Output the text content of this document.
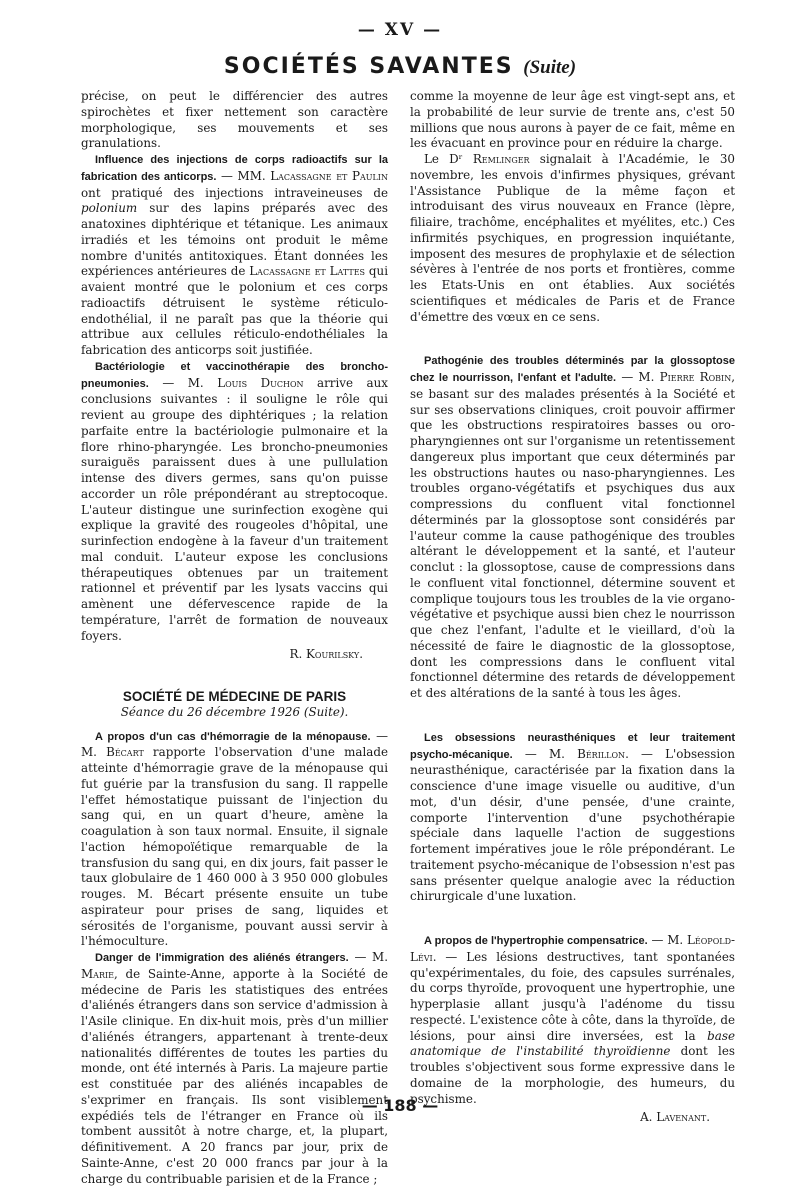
— XV —
SOCIÉTÉS SAVANTES (Suite)

précise, on peut le différencier des autres spirochètes et fixer nettement son caractère morphologique, ses mouvements et ses granulations.

Influence des injections de corps radioactifs sur la fabrication des anticorps. — MM. Lacassagne et Paulin ont pratiqué des injections intraveineuses de polonium sur des lapins préparés avec des anatoxines diphtérique et tétanique. Les animaux irradiés et les témoins ont produit le même nombre d'unités antitoxiques. Étant données les expériences antérieures de Lacassagne et Lattes qui avaient montré que le polonium et ces corps radioactifs détruisent le système réticulo-endothélial, il ne paraît pas que la théorie qui attribue aux cellules réticulo-endothéliales la fabrication des anticorps soit justifiée.

Bactériologie et vaccinothérapie des broncho-pneumonies. — M. Louis Duchon arrive aux conclusions suivantes : il souligne le rôle qui revient au groupe des diphtériques ; la relation parfaite entre la bactériologie pulmonaire et la flore rhino-pharyngée. Les broncho-pneumonies suraiguës paraissent dues à une pullulation intense des divers germes, sans qu'on puisse accorder un rôle prépondérant au streptocoque. L'auteur distingue une surinfection exogène qui explique la gravité des rougeoles d'hôpital, une surinfection endogène à la faveur d'un traitement mal conduit. L'auteur expose les conclusions thérapeutiques obtenues par un traitement rationnel et préventif par les lysats vaccins qui amènent une défervescence rapide de la température, l'arrêt de formation de nouveaux foyers.

R. Kourilsky.

SOCIÉTÉ DE MÉDECINE DE PARIS

Séance du 26 décembre 1926 (Suite).

A propos d'un cas d'hémorragie de la ménopause. — M. Bécart rapporte l'observation d'une malade atteinte d'hémorragie grave de la ménopause qui fut guérie par la transfusion du sang. Il rappelle l'effet hémostatique puissant de l'injection du sang qui, en un quart d'heure, amène la coagulation à son taux normal. Ensuite, il signale l'action hémopoïétique remarquable de la transfusion du sang qui, en dix jours, fait passer le taux globulaire de 1 460 000 à 3 950 000 globules rouges. M. Bécart présente ensuite un tube aspirateur pour prises de sang, liquides et sérosités de l'organisme, pouvant aussi servir à l'hémoculture.

Danger de l'immigration des aliénés étrangers. — M. Marie, de Sainte-Anne, apporte à la Société de médecine de Paris les statistiques des entrées d'aliénés étrangers dans son service d'admission à l'Asile clinique. En dix-huit mois, près d'un millier d'aliénés étrangers, appartenant à trente-deux nationalités différentes de toutes les parties du monde, ont été internés à Paris. La majeure partie est constituée par des aliénés incapables de s'exprimer en français. Ils sont visiblement expédiés tels de l'étranger en France où ils tombent aussitôt à notre charge, et, la plupart, définitivement. A 20 francs par jour, prix de Sainte-Anne, c'est 20 000 francs par jour à la charge du contribuable parisien et de la France ;

comme la moyenne de leur âge est vingt-sept ans, et la probabilité de leur survie de trente ans, c'est 50 millions que nous aurons à payer de ce fait, même en les évacuant en province pour en réduire la charge.

Le Dʳ Remlinger signalait à l'Académie, le 30 novembre, les envois d'infirmes physiques, grévant l'Assistance Publique de la même façon et introduisant des virus nouveaux en France (lèpre, filiaire, trachôme, encéphalites et myélites, etc.) Ces infirmités psychiques, en progression inquiétante, imposent des mesures de prophylaxie et de sélection sévères à l'entrée de nos ports et frontières, comme les Etats-Unis en ont établies. Aux sociétés scientifiques et médicales de Paris et de France d'émettre des vœux en ce sens.

Pathogénie des troubles déterminés par la glossoptose chez le nourrisson, l'enfant et l'adulte. — M. Pierre Robin, se basant sur des malades présentés à la Société et sur ses observations cliniques, croit pouvoir affirmer que les obstructions respiratoires basses ou oro-pharyngiennes ont sur l'organisme un retentissement dangereux plus important que ceux déterminés par les obstructions hautes ou naso-pharyngiennes. Les troubles organo-végétatifs et psychiques dus aux compressions du confluent vital fonctionnel déterminés par la glossoptose sont considérés par l'auteur comme la cause pathogénique des troubles altérant le développement et la santé, et l'auteur conclut : la glossoptose, cause de compressions dans le confluent vital fonctionnel, détermine souvent et complique toujours tous les troubles de la vie organo-végétative et psychique aussi bien chez le nourrisson que chez l'enfant, l'adulte et le vieillard, d'où la nécessité de faire le diagnostic de la glossoptose, dont les compressions dans le confluent vital fonctionnel détermine des retards de développement et des altérations de la santé à tous les âges.

Les obsessions neurasthéniques et leur traitement psycho-mécanique. — M. Bérillon. — L'obsession neurasthénique, caractérisée par la fixation dans la conscience d'une image visuelle ou auditive, d'un mot, d'un désir, d'une pensée, d'une crainte, comporte l'intervention d'une psychothérapie spéciale dans laquelle l'action de suggestions fortement impératives joue le rôle prépondérant. Le traitement psycho-mécanique de l'obsession n'est pas sans présenter quelque analogie avec la réduction chirurgicale d'une luxation.

A propos de l'hypertrophie compensatrice. — M. Léopold-Lévi. — Les lésions destructives, tant spontanées qu'expérimentales, du foie, des capsules surrénales, du corps thyroïde, provoquent une hypertrophie, une hyperplasie allant jusqu'à l'adénome du tissu respecté. L'existence côte à côte, dans la thyroïde, de lésions, pour ainsi dire inversées, est la base anatomique de l'instabilité thyroïdienne dont les troubles s'objectivent sous forme expressive dans le domaine de la morphologie, des humeurs, du psychisme.

A. Lavenant.

— 188 —
